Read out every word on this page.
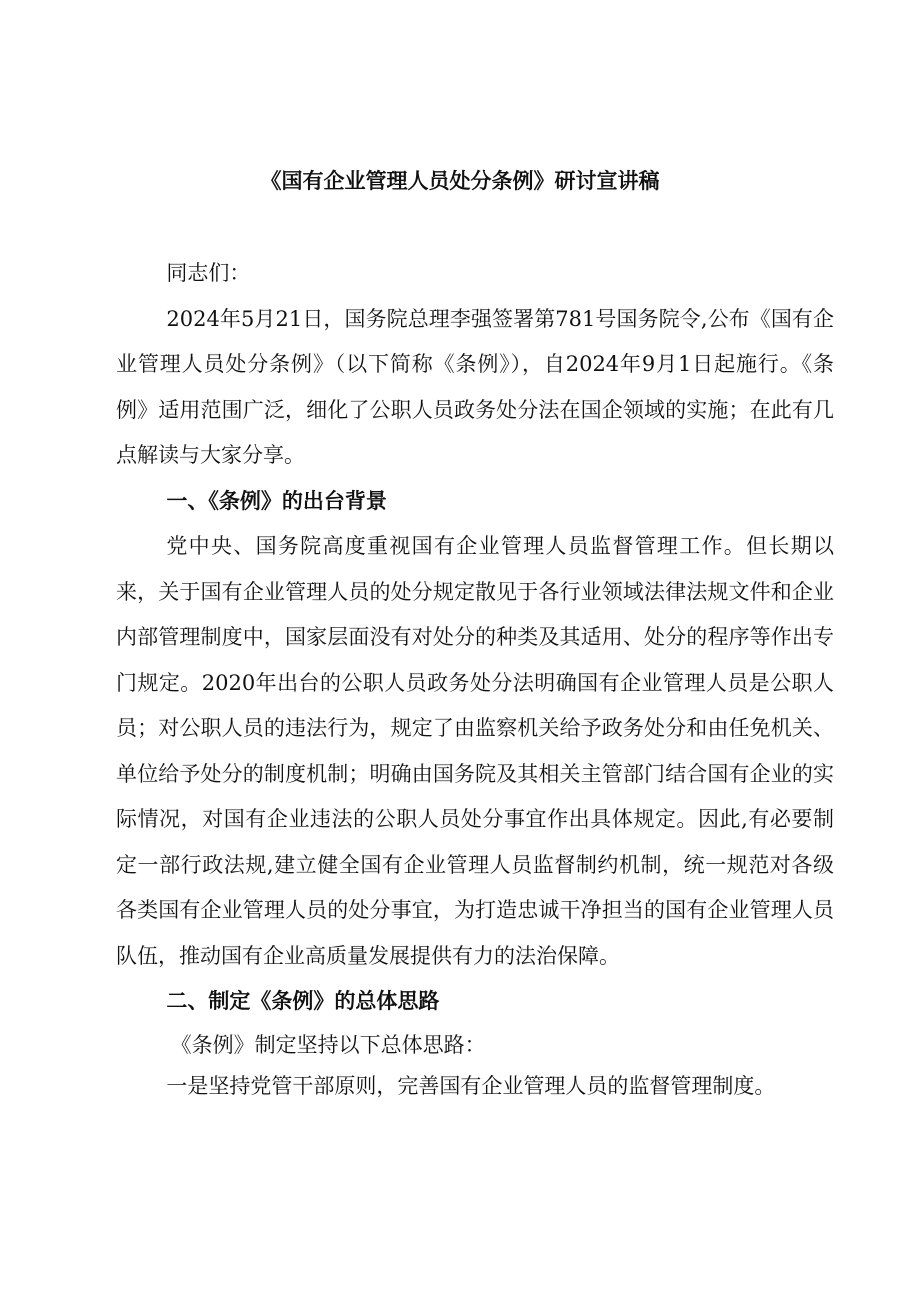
《国有企业管理人员处分条例》研讨宣讲稿

同志们：

2024年5月21日，国务院总理李强签署第781号国务院令,公布《国有企业管理人员处分条例》（以下简称《条例》），自2024年9月1日起施行。《条例》适用范围广泛，细化了公职人员政务处分法在国企领域的实施；在此有几点解读与大家分享。

一、《条例》的出台背景

党中央、国务院高度重视国有企业管理人员监督管理工作。但长期以来，关于国有企业管理人员的处分规定散见于各行业领域法律法规文件和企业内部管理制度中，国家层面没有对处分的种类及其适用、处分的程序等作出专门规定。2020年出台的公职人员政务处分法明确国有企业管理人员是公职人员；对公职人员的违法行为，规定了由监察机关给予政务处分和由任免机关、单位给予处分的制度机制；明确由国务院及其相关主管部门结合国有企业的实际情况，对国有企业违法的公职人员处分事宜作出具体规定。因此,有必要制定一部行政法规,建立健全国有企业管理人员监督制约机制，统一规范对各级各类国有企业管理人员的处分事宜，为打造忠诚干净担当的国有企业管理人员队伍，推动国有企业高质量发展提供有力的法治保障。

二、制定《条例》的总体思路

《条例》制定坚持以下总体思路：

一是坚持党管干部原则，完善国有企业管理人员的监督管理制度。
